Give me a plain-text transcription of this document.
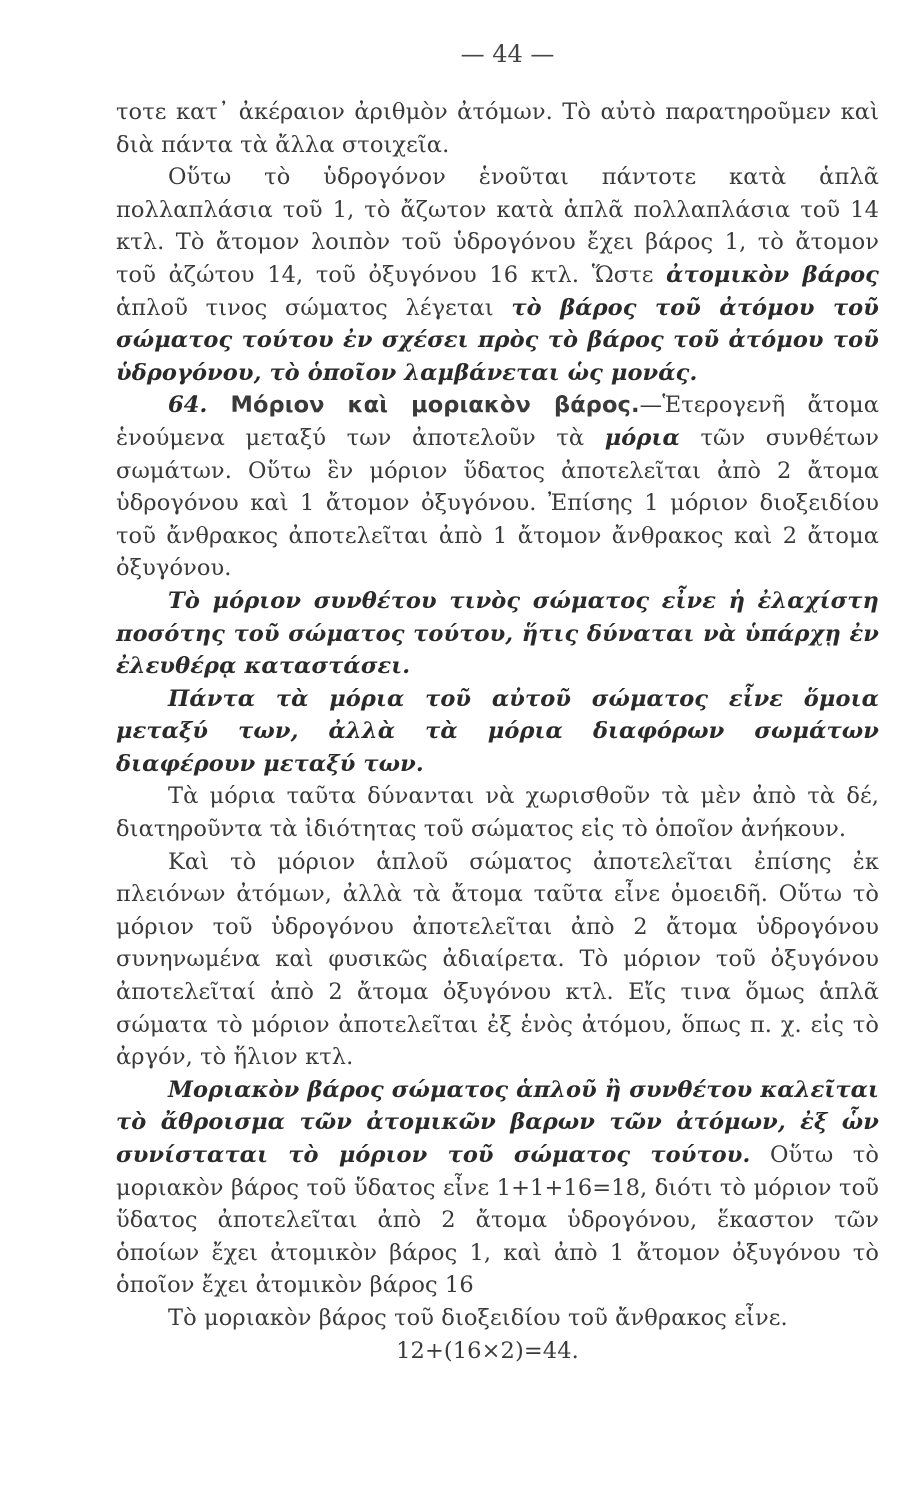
— 44 —

τοτε κατ᾽ ἀκέραιον ἀριθμὸν ἀτόμων. Τὸ αὐτὸ παρατηροῦμεν καὶ διὰ πάντα τὰ ἄλλα στοιχεῖα.

Οὕτω τὸ ὑδρογόνον ἑνοῦται πάντοτε κατὰ ἁπλᾶ πολλαπλάσια τοῦ 1, τὸ ἄζωτον κατὰ ἁπλᾶ πολλαπλάσια τοῦ 14 κτλ. Τὸ ἄτομον λοιπὸν τοῦ ὑδρογόνου ἔχει βάρος 1, τὸ ἄτομον τοῦ ἀζώτου 14, τοῦ ὀξυγόνου 16 κτλ. Ὥστε ἀτομικὸν βάρος ἁπλοῦ τινος σώματος λέγεται τὸ βάρος τοῦ ἀτόμου τοῦ σώματος τούτου ἐν σχέσει πρὸς τὸ βάρος τοῦ ἀτόμου τοῦ ὑδρογόνου, τὸ ὁποῖον λαμβάνεται ὡς μονάς.

64. Μόριον καὶ μοριακὸν βάρος.—Ἑτερογενῆ ἄτομα ἑνούμενα μεταξύ των ἀποτελοῦν τὰ μόρια τῶν συνθέτων σωμάτων. Οὕτω ἓν μόριον ὕδατος ἀποτελεῖται ἀπὸ 2 ἄτομα ὑδρογόνου καὶ 1 ἄτομον ὀξυγόνου. Ἐπίσης 1 μόριον διοξειδίου τοῦ ἄνθρακος ἀποτελεῖται ἀπὸ 1 ἄτομον ἄνθρακος καὶ 2 ἄτομα ὀξυγόνου.

Τὸ μόριον συνθέτου τινὸς σώματος εἶνε ἡ ἐλαχίστη ποσότης τοῦ σώματος τούτου, ἥτις δύναται νὰ ὑπάρχῃ ἐν ἐλευθέρᾳ καταστάσει.

Πάντα τὰ μόρια τοῦ αὐτοῦ σώματος εἶνε ὅμοια μεταξύ των, ἀλλὰ τὰ μόρια διαφόρων σωμάτων διαφέρουν μεταξύ των.

Τὰ μόρια ταῦτα δύνανται νὰ χωρισθοῦν τὰ μὲν ἀπὸ τὰ δέ, διατηροῦντα τὰ ἰδιότητας τοῦ σώματος εἰς τὸ ὁποῖον ἀνήκουν.

Καὶ τὸ μόριον ἁπλοῦ σώματος ἀποτελεῖται ἐπίσης ἐκ πλειόνων ἀτόμων, ἀλλὰ τὰ ἄτομα ταῦτα εἶνε ὁμοειδῆ. Οὕτω τὸ μόριον τοῦ ὑδρογόνου ἀποτελεῖται ἀπὸ 2 ἄτομα ὑδρογόνου συνηνωμένα καὶ φυσικῶς ἀδιαίρετα. Τὸ μόριον τοῦ ὀξυγόνου ἀποτελεῖταί ἀπὸ 2 ἄτομα ὀξυγόνου κτλ. Εἴς τινα ὅμως ἁπλᾶ σώματα τὸ μόριον ἀποτελεῖται ἐξ ἑνὸς ἀτόμου, ὅπως π. χ. εἰς τὸ ἀργόν, τὸ ἥλιον κτλ.

Μοριακὸν βάρος σώματος ἁπλοῦ ἢ συνθέτου καλεῖται τὸ ἄθροισμα τῶν ἀτομικῶν βαρων τῶν ἀτόμων, ἐξ ὧν συνίσταται τὸ μόριον τοῦ σώματος τούτου. Οὕτω τὸ μοριακὸν βάρος τοῦ ὕδατος εἶνε 1+1+16=18, διότι τὸ μόριον τοῦ ὕδατος ἀποτελεῖται ἀπὸ 2 ἄτομα ὑδρογόνου, ἕκαστον τῶν ὁποίων ἔχει ἀτομικὸν βάρος 1, καὶ ἀπὸ 1 ἄτομον ὀξυγόνου τὸ ὁποῖον ἔχει ἀτομικὸν βάρος 16

Τὸ μοριακὸν βάρος τοῦ διοξειδίου τοῦ ἄνθρακος εἶνε.

12+(16×2)=44.
